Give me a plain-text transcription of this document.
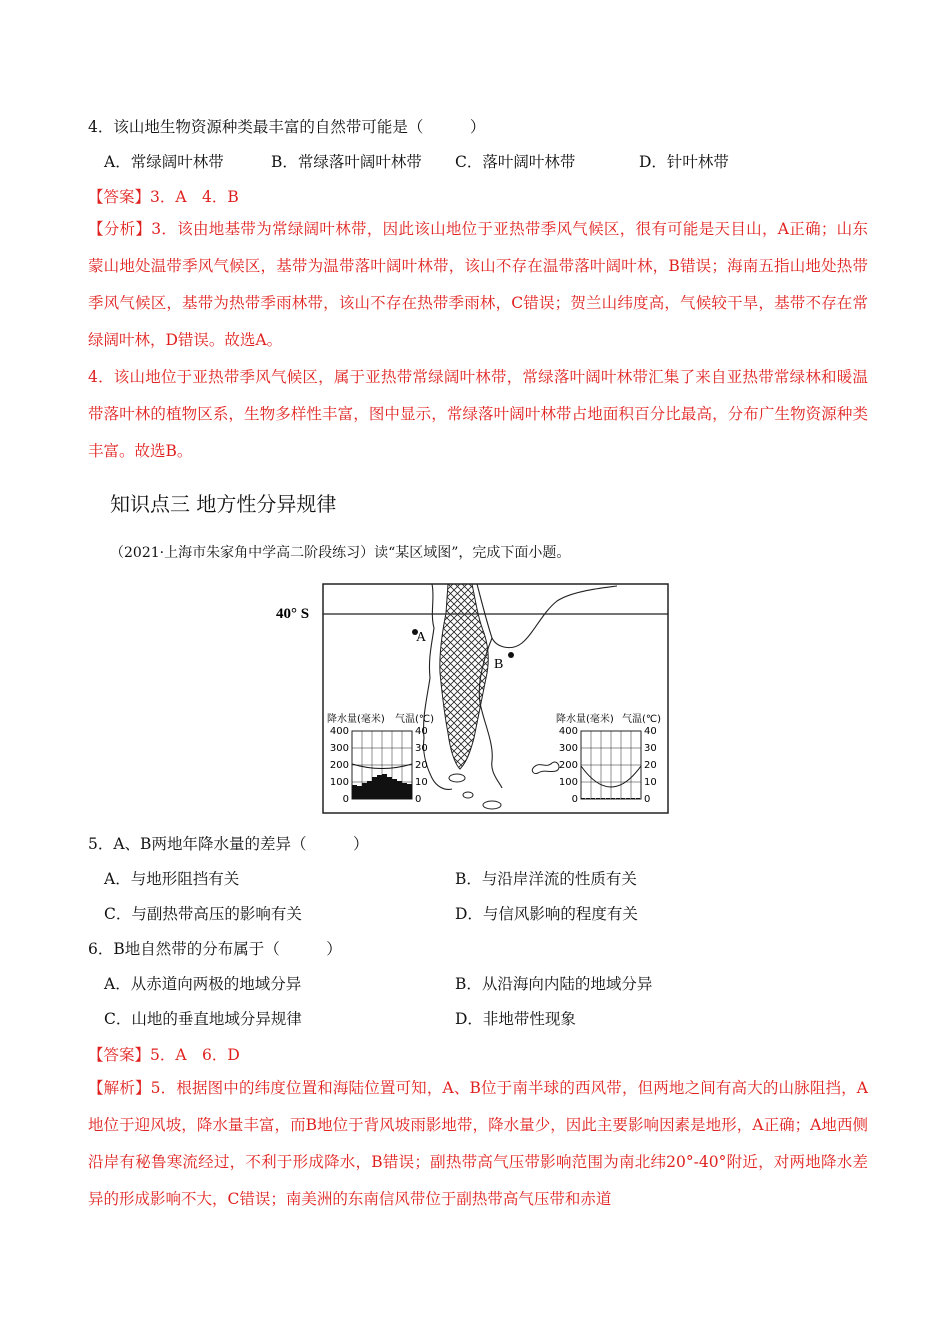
4．该山地生物资源种类最丰富的自然带可能是（　　　）
A．常绿阔叶林带	B．常绿落叶阔叶林带 C．落叶阔叶林带	D．针叶林带
【答案】3．A　4．B
【分析】3．该由地基带为常绿阔叶林带，因此该山地位于亚热带季风气候区，很有可能是天目山，A正确；山东蒙山地处温带季风气候区，基带为温带落叶阔叶林带，该山不存在温带落叶阔叶林，B错误；海南五指山地处热带季风气候区，基带为热带季雨林带，该山不存在热带季雨林，C错误；贺兰山纬度高，气候较干旱，基带不存在常绿阔叶林，D错误。故选A。
4．该山地位于亚热带季风气候区，属于亚热带常绿阔叶林带，常绿落叶阔叶林带汇集了来自亚热带常绿林和暖温带落叶林的植物区系，生物多样性丰富，图中显示，常绿落叶阔叶林带占地面积百分比最高，分布广生物资源种类丰富。故选B。
知识点三 地方性分异规律
（2021·上海市朱家角中学高二阶段练习）读“某区域图”，完成下面小题。
40° S
A
B
降水量(毫米) 气温(℃)
400	40
300	30
200	20
100	10
0	0
降水量(毫米) 气温(℃)
400	40
300	30
200	20
100	10
0	0
5．A、B两地年降水量的差异（　　　）
A．与地形阻挡有关	B．与沿岸洋流的性质有关
C．与副热带高压的影响有关	D．与信风影响的程度有关
6．B地自然带的分布属于（　　　）
A．从赤道向两极的地域分异	B．从沿海向内陆的地域分异
C．山地的垂直地域分异规律	D．非地带性现象
【答案】5．A　6．D
【解析】5．根据图中的纬度位置和海陆位置可知，A、B位于南半球的西风带，但两地之间有高大的山脉阻挡，A地位于迎风坡，降水量丰富，而B地位于背风坡雨影地带，降水量少，因此主要影响因素是地形，A正确；A地西侧沿岸有秘鲁寒流经过，不利于形成降水，B错误；副热带高气压带影响范围为南北纬20°-40°附近，对两地降水差异的形成影响不大，C错误；南美洲的东南信风带位于副热带高气压带和赤道
